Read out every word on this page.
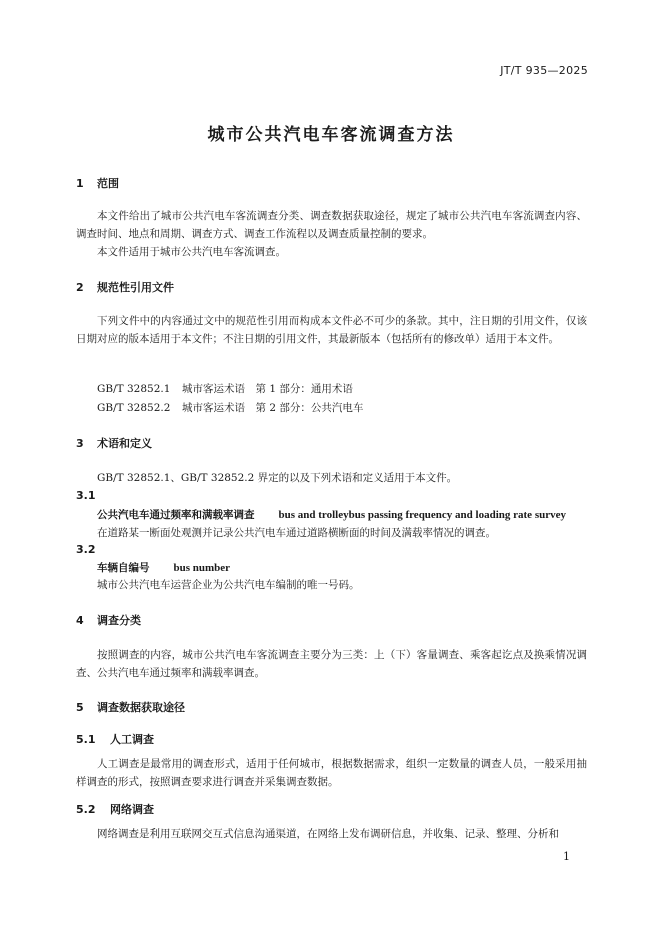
JT/T 935—2025
城市公共汽电车客流调查方法
1 范围
本文件给出了城市公共汽电车客流调查分类、调查数据获取途径，规定了城市公共汽电车客流调查内容、调查时间、地点和周期、调查方式、调查工作流程以及调查质量控制的要求。
本文件适用于城市公共汽电车客流调查。
2 规范性引用文件
下列文件中的内容通过文中的规范性引用而构成本文件必不可少的条款。其中，注日期的引用文件，仅该日期对应的版本适用于本文件；不注日期的引用文件，其最新版本（包括所有的修改单）适用于本文件。
GB/T 32852.1 城市客运术语　第 1 部分：通用术语
GB/T 32852.2 城市客运术语　第 2 部分：公共汽电车
3 术语和定义
GB/T 32852.1、GB/T 32852.2 界定的以及下列术语和定义适用于本文件。
3.1
公共汽电车通过频率和满载率调查 bus and trolleybus passing frequency and loading rate survey
在道路某一断面处观测并记录公共汽电车通过道路横断面的时间及满载率情况的调查。
3.2
车辆自编号 bus number
城市公共汽电车运营企业为公共汽电车编制的唯一号码。
4 调查分类
按照调查的内容，城市公共汽电车客流调查主要分为三类：上（下）客量调查、乘客起讫点及换乘情况调查、公共汽电车通过频率和满载率调查。
5 调查数据获取途径
5.1 人工调查
人工调查是最常用的调查形式，适用于任何城市，根据数据需求，组织一定数量的调查人员，一般采用抽样调查的形式，按照调查要求进行调查并采集调查数据。
5.2 网络调查
网络调查是利用互联网交互式信息沟通渠道，在网络上发布调研信息，并收集、记录、整理、分析和
1
